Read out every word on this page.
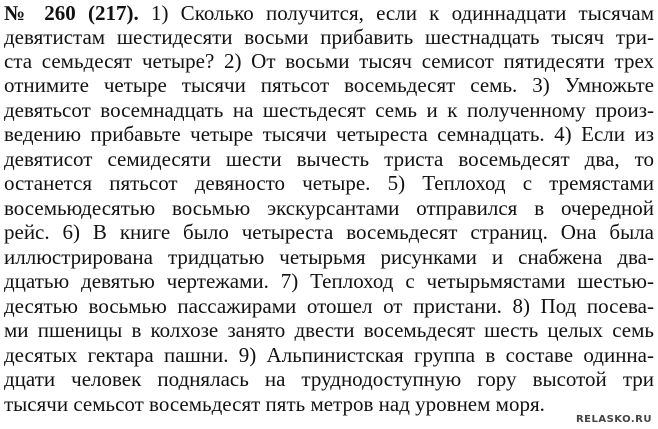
№ 260 (217). 1) Сколько получится, если к одиннадцати тысячам
девятистам шестидесяти восьми прибавить шестнадцать тысяч три-
ста семьдесят четыре? 2) От восьми тысяч семисот пятидесяти трех
отнимите четыре тысячи пятьсот восемьдесят семь. 3) Умножьте
девятьсот восемнадцать на шестьдесят семь и к полученному произ-
ведению прибавьте четыре тысячи четыреста семнадцать. 4) Если из
девятисот семидесяти шести вычесть триста восемьдесят два, то
останется пятьсот девяносто четыре. 5) Теплоход с тремястами
восемьюдесятью восьмью экскурсантами отправился в очередной
рейс. 6) В книге было четыреста восемьдесят страниц. Она была
иллюстрирована тридцатью четырьмя рисунками и снабжена два-
дцатью девятью чертежами. 7) Теплоход с четырьмястами шестью-
десятью восьмью пассажирами отошел от пристани. 8) Под посева-
ми пшеницы в колхозе занято двести восемьдесят шесть целых семь
десятых гектара пашни. 9) Альпинистская группа в составе одинна-
дцати человек поднялась на труднодоступную гору высотой три
тысячи семьсот восемьдесят пять метров над уровнем моря.
RELASKO.RU
